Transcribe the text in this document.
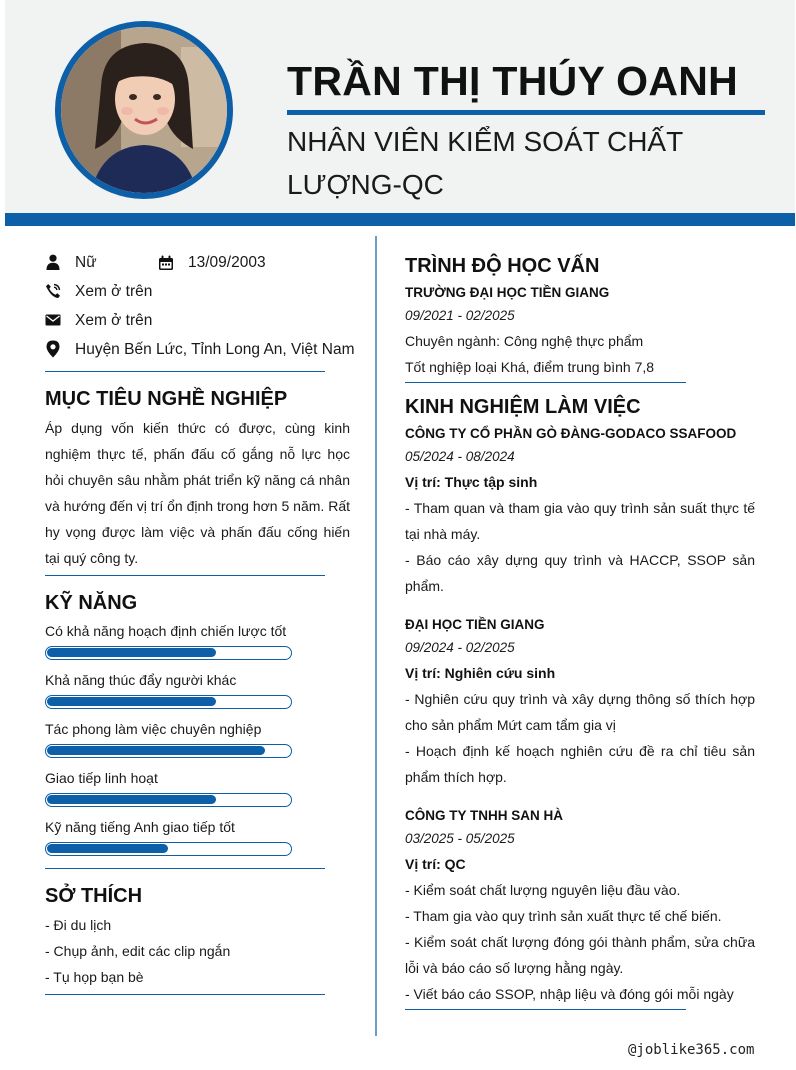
TRẦN THỊ THÚY OANH
NHÂN VIÊN KIỂM SOÁT CHẤT LƯỢNG-QC
Nữ	13/09/2003
Xem ở trên
Xem ở trên
Huyện Bến Lức, Tỉnh Long An, Việt Nam
MỤC TIÊU NGHỀ NGHIỆP
Áp dụng vốn kiến thức có được, cùng kinh nghiệm thực tế, phấn đấu cố gắng nỗ lực học hỏi chuyên sâu nhằm phát triển kỹ năng cá nhân và hướng đến vị trí ổn định trong hơn 5 năm. Rất hy vọng được làm việc và phấn đấu cống hiến tại quý công ty.
KỸ NĂNG
Có khả năng hoạch định chiến lược tốt
Khả năng thúc đẩy người khác
Tác phong làm việc chuyên nghiệp
Giao tiếp linh hoạt
Kỹ năng tiếng Anh giao tiếp tốt
SỞ THÍCH
- Đi du lịch
- Chụp ảnh, edit các clip ngắn
- Tụ họp bạn bè
TRÌNH ĐỘ HỌC VẤN
TRƯỜNG ĐẠI HỌC TIỀN GIANG
09/2021 - 02/2025
Chuyên ngành: Công nghệ thực phẩm
Tốt nghiệp loại Khá, điểm trung bình 7,8
KINH NGHIỆM LÀM VIỆC
CÔNG TY CỔ PHẦN GÒ ĐÀNG-GODACO SSAFOOD
05/2024 - 08/2024
Vị trí: Thực tập sinh
- Tham quan và tham gia vào quy trình sản suất thực tế tại nhà máy.
- Báo cáo xây dựng quy trình và HACCP, SSOP sản phẩm.
ĐẠI HỌC TIỀN GIANG
09/2024 - 02/2025
Vị trí: Nghiên cứu sinh
- Nghiên cứu quy trình và xây dựng thông số thích hợp cho sản phẩm Mứt cam tẩm gia vị
- Hoạch định kế hoạch nghiên cứu đề ra chỉ tiêu sản phẩm thích hợp.
CÔNG TY TNHH SAN HÀ
03/2025 - 05/2025
Vị trí: QC
- Kiểm soát chất lượng nguyên liệu đầu vào.
- Tham gia vào quy trình sản xuất thực tế chế biến.
- Kiểm soát chất lượng đóng gói thành phẩm, sửa chữa lỗi và báo cáo số lượng hằng ngày.
- Viết báo cáo SSOP, nhập liệu và đóng gói mỗi ngày
@joblike365.com
